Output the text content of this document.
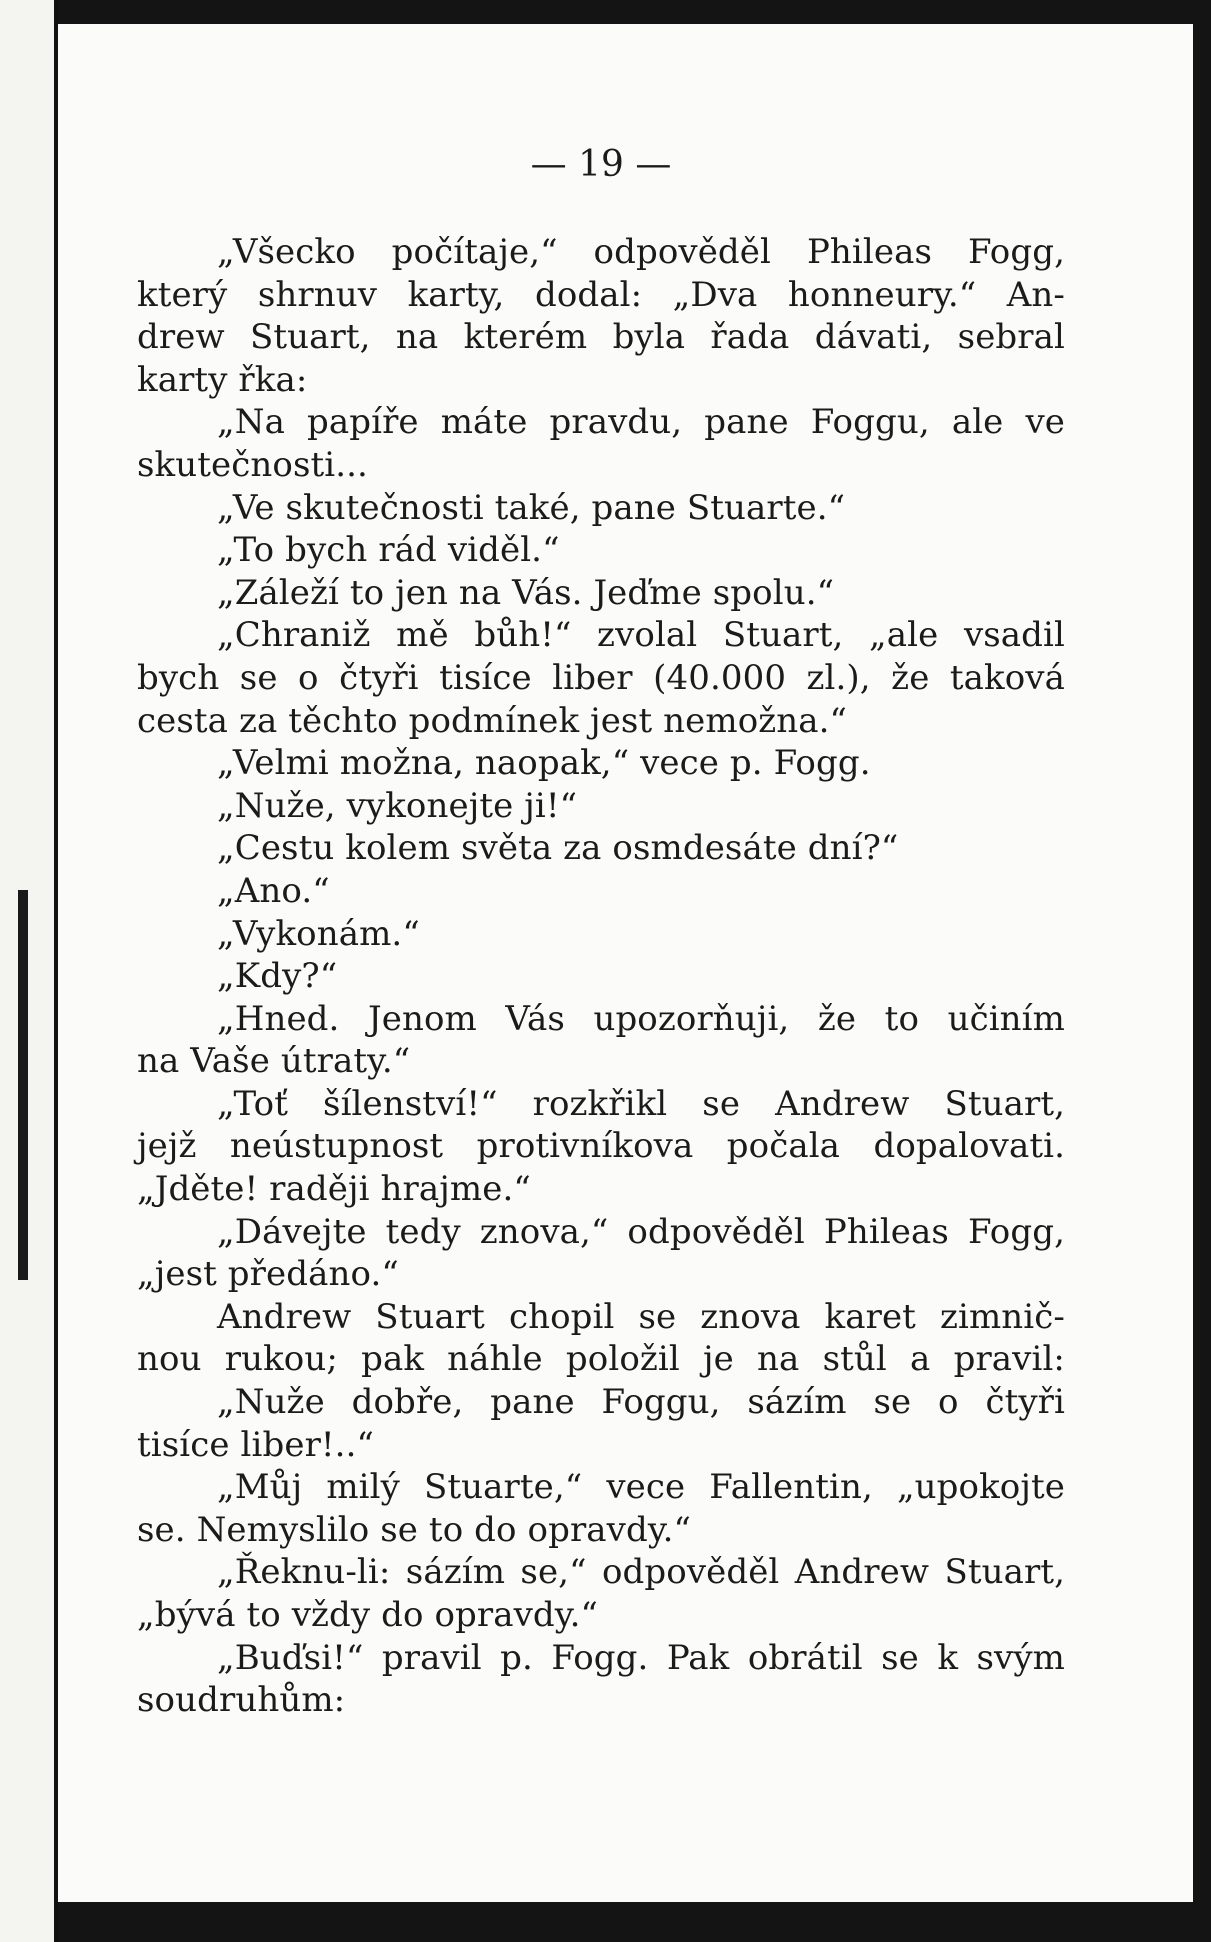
— 19 —
„Všecko počítaje,“ odpověděl Phileas Fogg,
který shrnuv karty, dodal: „Dva honneury.“ An-
drew Stuart, na kterém byla řada dávati, sebral
karty řka:
„Na papíře máte pravdu, pane Foggu, ale ve
skutečnosti...
„Ve skutečnosti také, pane Stuarte.“
„To bych rád viděl.“
„Záleží to jen na Vás. Jeďme spolu.“
„Chraniž mě bůh!“ zvolal Stuart, „ale vsadil
bych se o čtyři tisíce liber (40.000 zl.), že taková
cesta za těchto podmínek jest nemožna.“
„Velmi možna, naopak,“ vece p. Fogg.
„Nuže, vykonejte ji!“
„Cestu kolem světa za osmdesáte dní?“
„Ano.“
„Vykonám.“
„Kdy?“
„Hned. Jenom Vás upozorňuji, že to učiním
na Vaše útraty.“
„Toť šílenství!“ rozkřikl se Andrew Stuart,
jejž neústupnost protivníkova počala dopalovati.
„Jděte! raději hrajme.“
„Dávejte tedy znova,“ odpověděl Phileas Fogg,
„jest předáno.“
Andrew Stuart chopil se znova karet zimnič-
nou rukou; pak náhle položil je na stůl a pravil:
„Nuže dobře, pane Foggu, sázím se o čtyři
tisíce liber!..“
„Můj milý Stuarte,“ vece Fallentin, „upokojte
se. Nemyslilo se to do opravdy.“
„Řeknu-li: sázím se,“ odpověděl Andrew Stuart,
„bývá to vždy do opravdy.“
„Buďsi!“ pravil p. Fogg. Pak obrátil se k svým
soudruhům:
